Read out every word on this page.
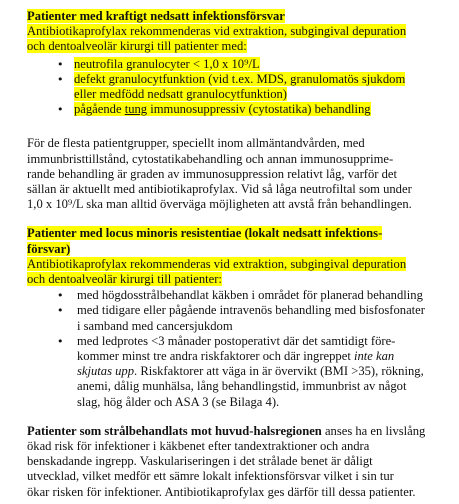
Patienter med kraftigt nedsatt infektionsförsvar
Antibiotikaprofylax rekommenderas vid extraktion, subgingival depuration
och dentoalveolär kirurgi till patienter med:
• neutrofila granulocyter < 1,0 x 10⁹/L
• defekt granulocytfunktion (vid t.ex. MDS, granulomatös sjukdom
eller medfödd nedsatt granulocytfunktion)
• pågående tung immunosuppressiv (cytostatika) behandling
För de flesta patientgrupper, speciellt inom allmäntandvården, med
immunbristtillstånd, cytostatikabehandling och annan immunosupprime-
rande behandling är graden av immunosuppression relativt låg, varför det
sällan är aktuellt med antibiotikaprofylax. Vid så låga neutrofiltal som under
1,0 x 10⁹/L ska man alltid överväga möjligheten att avstå från behandlingen.
Patienter med locus minoris resistentiae (lokalt nedsatt infektions-
försvar)
Antibiotikaprofylax rekommenderas vid extraktion, subgingival depuration
och dentoalveolär kirurgi till patienter:
• med högdosstrålbehandlat käkben i området för planerad behandling
• med tidigare eller pågående intravenös behandling med bisfosfonater
i samband med cancersjukdom
• med ledprotes <3 månader postoperativt där det samtidigt före-
kommer minst tre andra riskfaktorer och där ingreppet inte kan
skjutas upp. Riskfaktorer att väga in är övervikt (BMI >35), rökning,
anemi, dålig munhälsa, lång behandlingstid, immunbrist av något
slag, hög ålder och ASA 3 (se Bilaga 4).
Patienter som strålbehandlats mot huvud-halsregionen anses ha en livslång
ökad risk för infektioner i käkbenet efter tandextraktioner och andra
benskadande ingrepp. Vaskulariseringen i det strålade benet är dåligt
utvecklad, vilket medför ett sämre lokalt infektionsförsvar vilket i sin tur
ökar risken för infektioner. Antibiotikaprofylax ges därför till dessa patienter.
